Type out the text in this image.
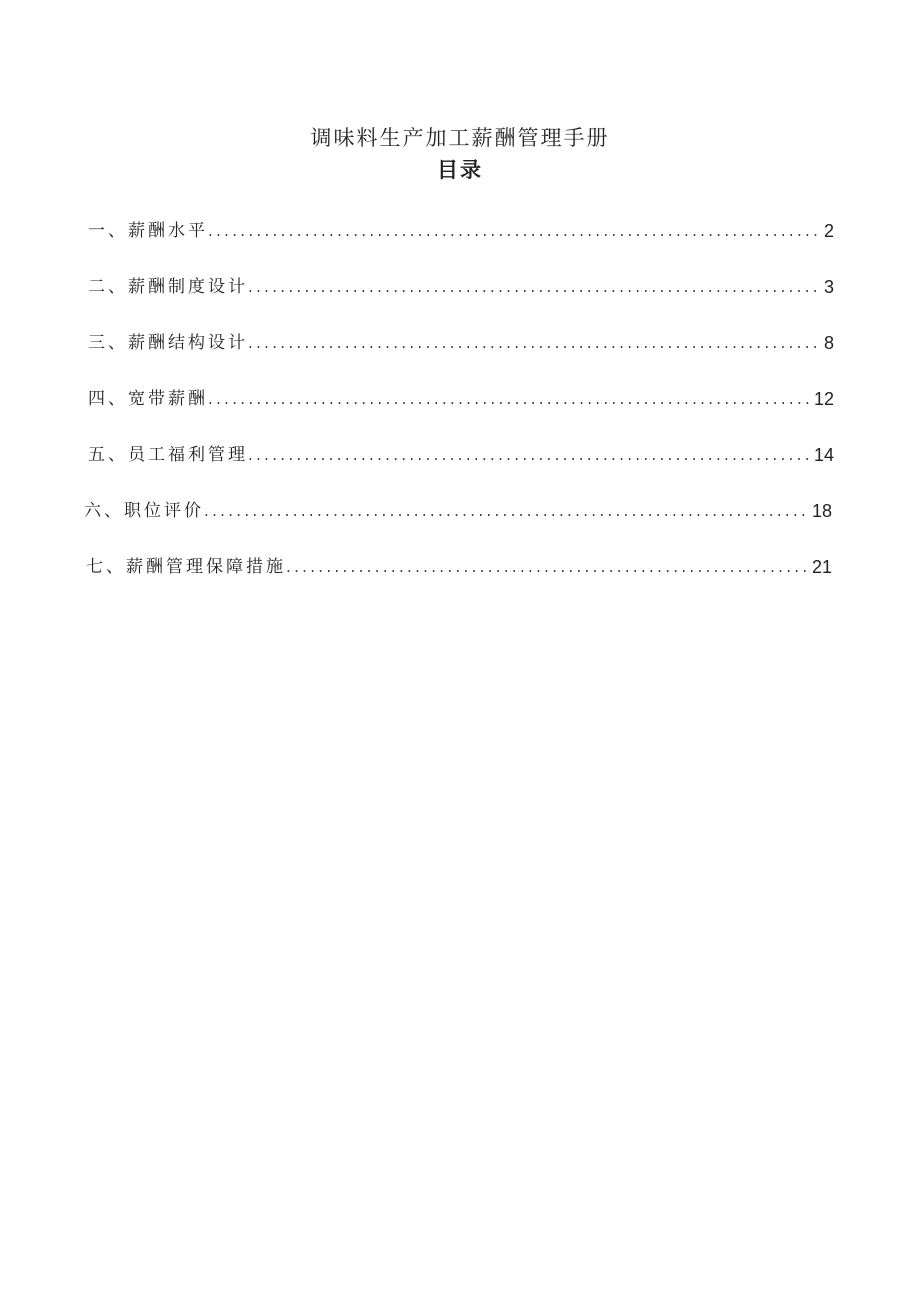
调味料生产加工薪酬管理手册
目录
一、薪酬水平 .....	2
二、薪酬制度设计 .....	3
三、薪酬结构设计 .....	8
四、宽带薪酬 .....	12
五、员工福利管理 .....	14
六、职位评价 .....	18
七、薪酬管理保障措施 .....	21
